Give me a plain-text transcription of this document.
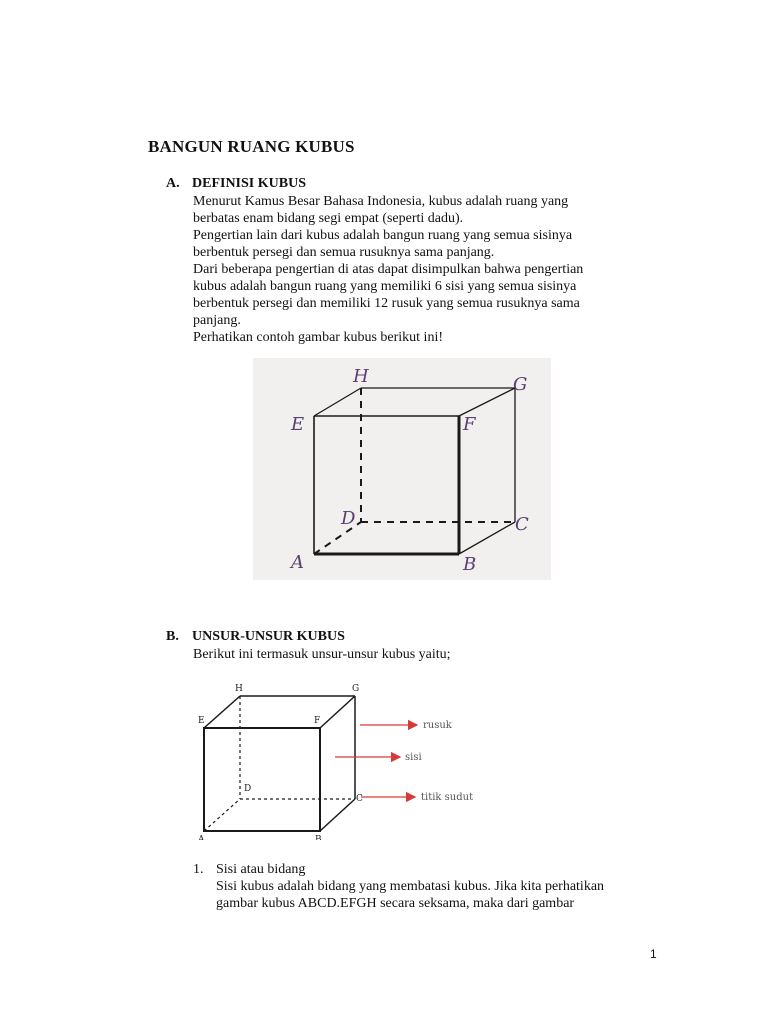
BANGUN RUANG KUBUS
A. DEFINISI KUBUS
Menurut Kamus Besar Bahasa Indonesia, kubus adalah ruang yang
berbatas enam bidang segi empat (seperti dadu).
Pengertian lain dari kubus adalah bangun ruang yang semua sisinya
berbentuk persegi dan semua rusuknya sama panjang.
Dari beberapa pengertian di atas dapat disimpulkan bahwa pengertian
kubus adalah bangun ruang yang memiliki 6 sisi yang semua sisinya
berbentuk persegi dan memiliki 12 rusuk yang semua rusuknya sama
panjang.
Perhatikan contoh gambar kubus berikut ini!
H	G
E	F
D	C
A	B
B. UNSUR-UNSUR KUBUS
Berikut ini termasuk unsur-unsur kubus yaitu;
H	G
E	F
D
C
A	B
rusuk
sisi
titik sudut
1. Sisi atau bidang
Sisi kubus adalah bidang yang membatasi kubus. Jika kita perhatikan
gambar kubus ABCD.EFGH secara seksama, maka dari gambar
1
